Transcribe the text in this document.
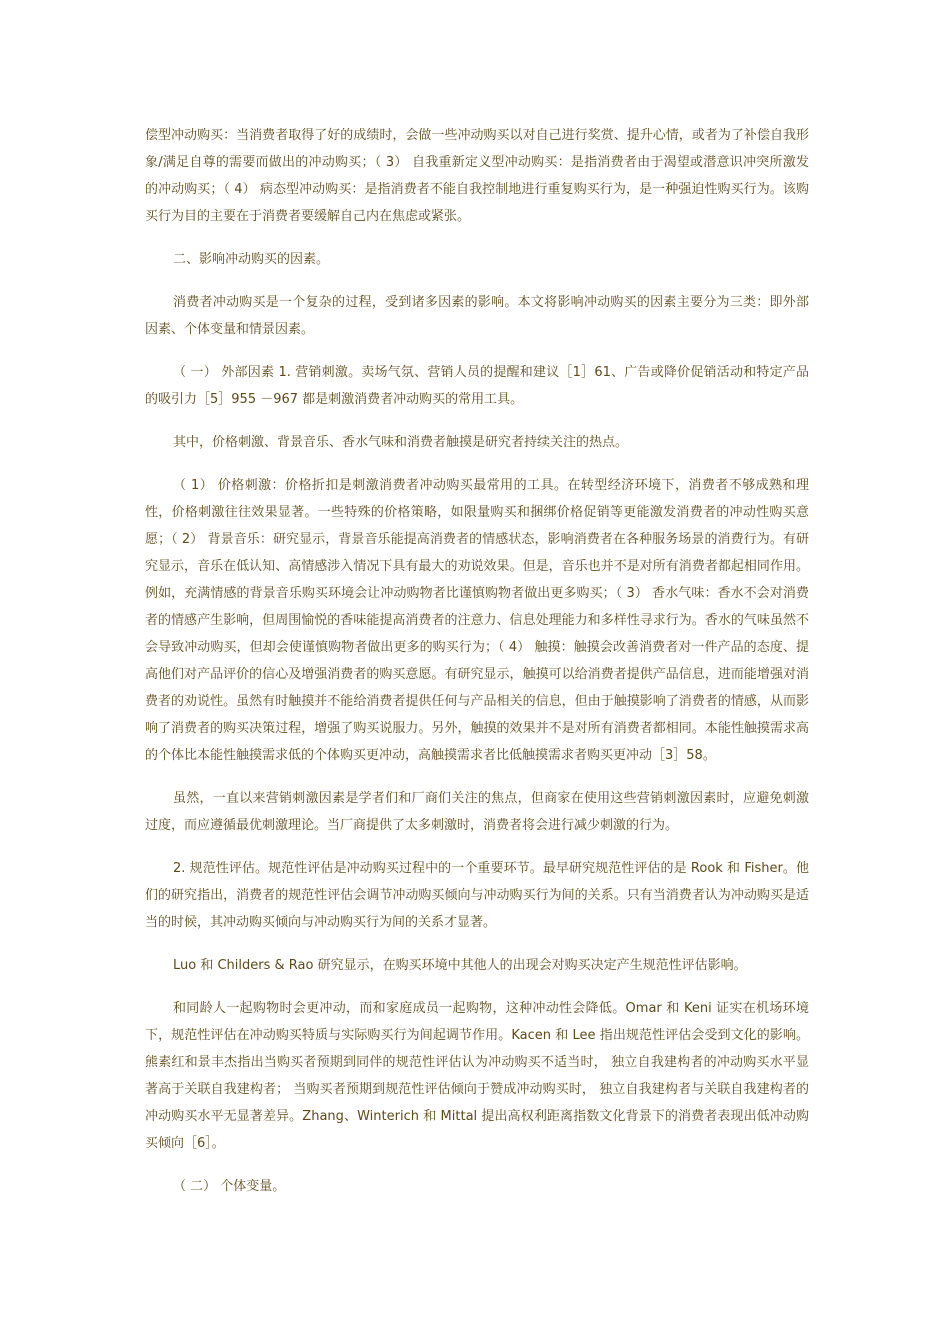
偿型冲动购买：当消费者取得了好的成绩时，会做一些冲动购买以对自己进行奖赏、提升心情，或者为了补偿自我形象/满足自尊的需要而做出的冲动购买；（ 3） 自我重新定义型冲动购买：是指消费者由于渴望或潜意识冲突所激发的冲动购买；（ 4） 病态型冲动购买：是指消费者不能自我控制地进行重复购买行为，是一种强迫性购买行为。该购买行为目的主要在于消费者要缓解自己内在焦虑或紧张。

二、影响冲动购买的因素。

消费者冲动购买是一个复杂的过程，受到诸多因素的影响。本文将影响冲动购买的因素主要分为三类：即外部因素、个体变量和情景因素。

（ 一） 外部因素 1. 营销刺激。卖场气氛、营销人员的提醒和建议［1］61、广告或降价促销活动和特定产品的吸引力［5］955 －967 都是刺激消费者冲动购买的常用工具。

其中，价格刺激、背景音乐、香水气味和消费者触摸是研究者持续关注的热点。

（ 1） 价格刺激：价格折扣是刺激消费者冲动购买最常用的工具。在转型经济环境下，消费者不够成熟和理性，价格刺激往往效果显著。一些特殊的价格策略，如限量购买和捆绑价格促销等更能激发消费者的冲动性购买意愿；（ 2） 背景音乐：研究显示，背景音乐能提高消费者的情感状态，影响消费者在各种服务场景的消费行为。有研究显示，音乐在低认知、高情感涉入情况下具有最大的劝说效果。但是，音乐也并不是对所有消费者都起相同作用。例如，充满情感的背景音乐购买环境会让冲动购物者比谨慎购物者做出更多购买；（ 3） 香水气味：香水不会对消费者的情感产生影响，但周围愉悦的香味能提高消费者的注意力、信息处理能力和多样性寻求行为。香水的气味虽然不会导致冲动购买，但却会使谨慎购物者做出更多的购买行为；（ 4） 触摸：触摸会改善消费者对一件产品的态度、提高他们对产品评价的信心及增强消费者的购买意愿。有研究显示，触摸可以给消费者提供产品信息，进而能增强对消费者的劝说性。虽然有时触摸并不能给消费者提供任何与产品相关的信息，但由于触摸影响了消费者的情感，从而影响了消费者的购买决策过程，增强了购买说服力。另外，触摸的效果并不是对所有消费者都相同。本能性触摸需求高的个体比本能性触摸需求低的个体购买更冲动，高触摸需求者比低触摸需求者购买更冲动［3］58。

虽然，一直以来营销刺激因素是学者们和厂商们关注的焦点，但商家在使用这些营销刺激因素时，应避免刺激过度，而应遵循最优刺激理论。当厂商提供了太多刺激时，消费者将会进行减少刺激的行为。

2. 规范性评估。规范性评估是冲动购买过程中的一个重要环节。最早研究规范性评估的是 Rook 和 Fisher。他们的研究指出，消费者的规范性评估会调节冲动购买倾向与冲动购买行为间的关系。只有当消费者认为冲动购买是适当的时候，其冲动购买倾向与冲动购买行为间的关系才显著。

Luo 和 Childers & Rao 研究显示，在购买环境中其他人的出现会对购买决定产生规范性评估影响。

和同龄人一起购物时会更冲动，而和家庭成员一起购物，这种冲动性会降低。Omar 和 Keni 证实在机场环境下，规范性评估在冲动购买特质与实际购买行为间起调节作用。Kacen 和 Lee 指出规范性评估会受到文化的影响。熊素红和景丰杰指出当购买者预期到同伴的规范性评估认为冲动购买不适当时， 独立自我建构者的冲动购买水平显著高于关联自我建构者； 当购买者预期到规范性评估倾向于赞成冲动购买时， 独立自我建构者与关联自我建构者的冲动购买水平无显著差异。Zhang、Winterich 和 Mittal 提出高权利距离指数文化背景下的消费者表现出低冲动购买倾向［6］。

（ 二） 个体变量。
